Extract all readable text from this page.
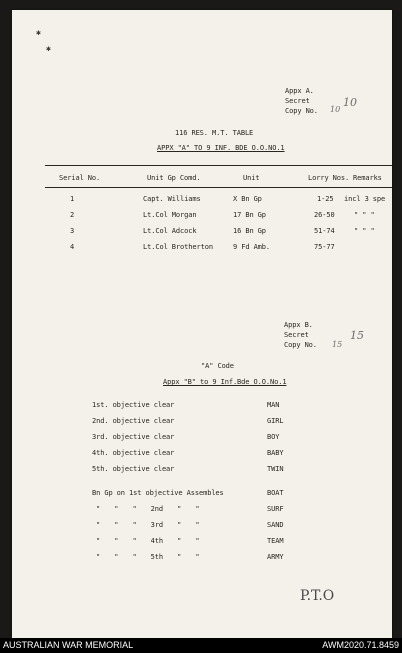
✱
✱
Appx A.
Secret
Copy No. 10
10
116 RES. M.T. TABLE
APPX "A" TO 9 INF. BDE O.O.NO.1
Serial No.	Unit Gp Comd.	Unit	Lorry Nos. Remarks
1	Capt. Williams	X Bn Gp	1-25 incl 3 spe
2	Lt.Col Morgan	17 Bn Gp	26-50	" " "
3	Lt.Col Adcock	16 Bn Gp	51-74	" " "
4	Lt.Col Brotherton	9 Fd Amb.	75-77
Appx B.
Secret
Copy No. 15
15
"A" Code
Appx "B" to 9 Inf.Bde O.O.No.1
1st. objective clear	MAN
2nd. objective clear	GIRL
3rd. objective clear	BOY
4th. objective clear	BABY
5th. objective clear	TWIN
Bn Gp on 1st objective Assembles	BOAT
" " " 2nd " "	SURF
" " " 3rd " "	SAND
" " " 4th " "	TEAM
" " " 5th " "	ARMY
P.T.O
AUSTRALIAN WAR MEMORIAL	AWM2020.71.8459
